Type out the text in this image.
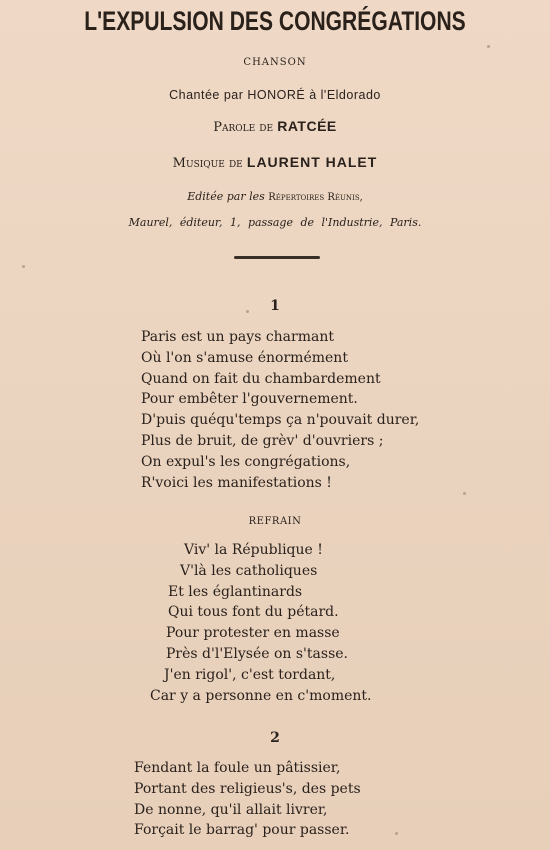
L'EXPULSION DES CONGRÉGATIONS
CHANSON
Chantée par HONORÉ à l'Eldorado
Parole de RATCÉE
Musique de LAURENT HALET
Editée par les Répertoires Réunis,
Maurel, éditeur, 1, passage de l'Industrie, Paris.
1
Paris est un pays charmant
Où l'on s'amuse énormément
Quand on fait du chambardement
Pour embêter l'gouvernement.
D'puis quéqu'temps ça n'pouvait durer,
Plus de bruit, de grèv' d'ouvriers ;
On expul's les congrégations,
R'voici les manifestations !
REFRAIN
Viv' la République !
V'là les catholiques
Et les églantinards
Qui tous font du pétard.
Pour protester en masse
Près d'l'Elysée on s'tasse.
J'en rigol', c'est tordant,
Car y a personne en c'moment.
2
Fendant la foule un pâtissier,
Portant des religieus's, des pets
De nonne, qu'il allait livrer,
Forçait le barrag' pour passer.
